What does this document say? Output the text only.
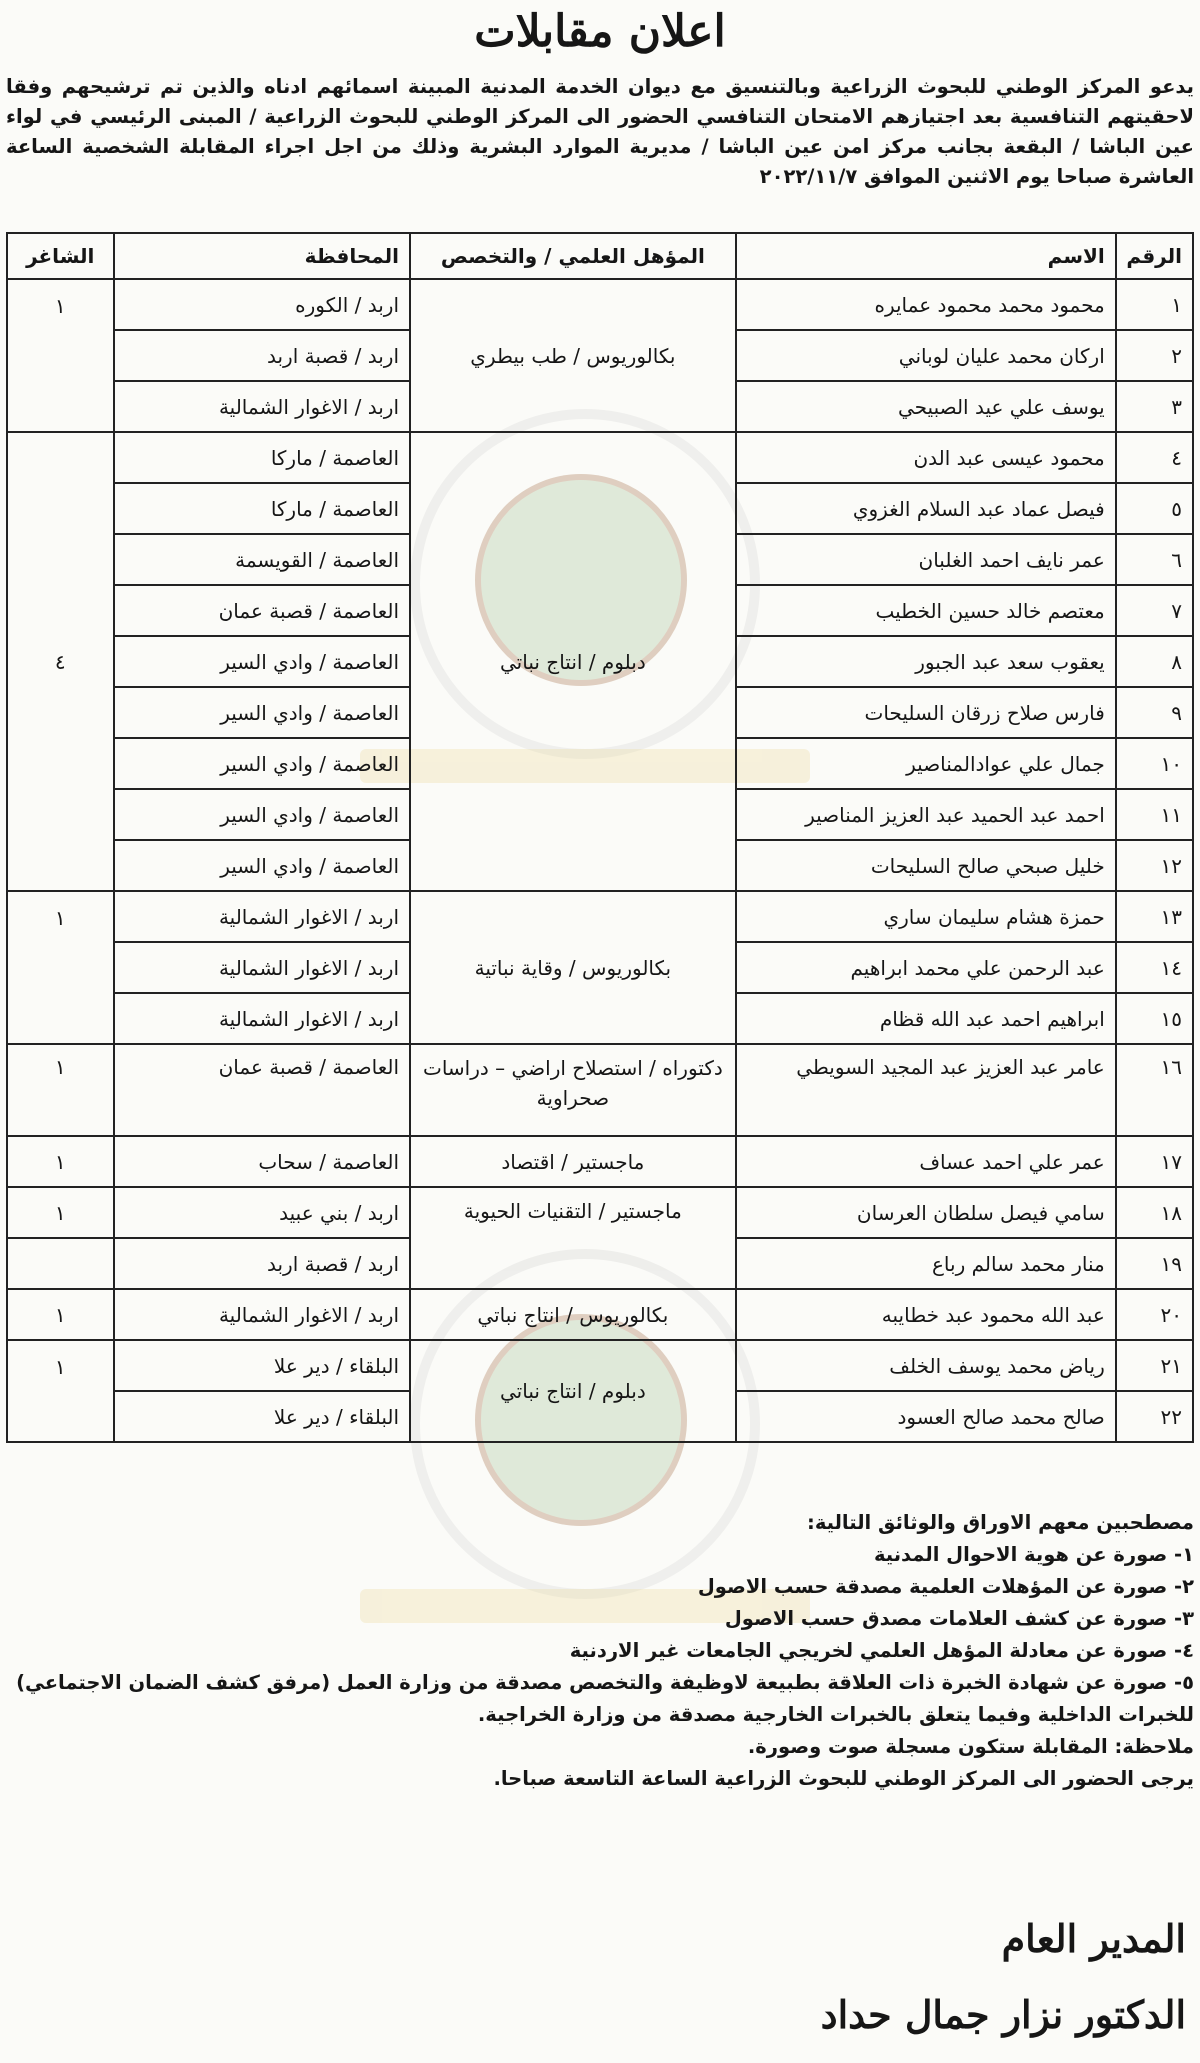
اعلان مقابلات
يدعو المركز الوطني للبحوث الزراعية وبالتنسيق مع ديوان الخدمة المدنية المبينة اسمائهم ادناه والذين تم ترشيحهم وفقا لاحقيتهم التنافسية بعد اجتيازهم الامتحان التنافسي الحضور الى المركز الوطني للبحوث الزراعية / المبنى الرئيسي في لواء عين الباشا / البقعة بجانب مركز امن عين الباشا / مديرية الموارد البشرية وذلك من اجل اجراء المقابلة الشخصية الساعة العاشرة صباحا يوم الاثنين الموافق ٢٠٢٢/١١/٧
الرقم	الاسم	المؤهل العلمي / والتخصص	المحافظة	الشاغر
١	محمود محمد محمود عمايره	بكالوريوس / طب بيطري	اربد / الكوره	١
٢	اركان محمد عليان لوباني		اربد / قصبة اربد	
٣	يوسف علي عيد الصبيحي		اربد / الاغوار الشمالية	
٤	محمود عيسى عبد الدن	دبلوم / انتاج نباتي	العاصمة / ماركا	٤
٥	فيصل عماد عبد السلام الغزوي		العاصمة / ماركا	
٦	عمر نايف احمد الغلبان		العاصمة / القويسمة	
٧	معتصم خالد حسين الخطيب		العاصمة / قصبة عمان	
٨	يعقوب سعد عبد الجبور		العاصمة / وادي السير	
٩	فارس صلاح زرقان السليحات		العاصمة / وادي السير	
١٠	جمال علي عوادالمناصير		العاصمة / وادي السير	
١١	احمد عبد الحميد عبد العزيز المناصير		العاصمة / وادي السير	
١٢	خليل صبحي صالح السليحات		العاصمة / وادي السير	
١٣	حمزة هشام سليمان ساري	بكالوريوس / وقاية نباتية	اربد / الاغوار الشمالية	١
١٤	عبد الرحمن علي محمد ابراهيم		اربد / الاغوار الشمالية	
١٥	ابراهيم احمد عبد الله قظام		اربد / الاغوار الشمالية	
١٦	عامر عبد العزيز عبد المجيد السويطي	دكتوراه / استصلاح اراضي – دراسات صحراوية	العاصمة / قصبة عمان	١
١٧	عمر علي احمد عساف	ماجستير / اقتصاد	العاصمة / سحاب	١
١٨	سامي فيصل سلطان العرسان	ماجستير / التقنيات الحيوية	اربد / بني عبيد	١
١٩	منار محمد سالم رباع		اربد / قصبة اربد	
٢٠	عبد الله محمود عبد خطايبه	بكالوريوس / انتاج نباتي	اربد / الاغوار الشمالية	١
٢١	رياض محمد يوسف الخلف	دبلوم / انتاج نباتي	البلقاء / دير علا	١
٢٢	صالح محمد صالح العسود		البلقاء / دير علا	

مصطحبين معهم الاوراق والوثائق التالية:

١- صورة عن هوية الاحوال المدنية

٢- صورة عن المؤهلات العلمية مصدقة حسب الاصول

٣- صورة عن كشف العلامات مصدق حسب الاصول

٤- صورة عن معادلة المؤهل العلمي لخريجي الجامعات غير الاردنية

٥- صورة عن شهادة الخبرة ذات العلاقة بطبيعة لاوظيفة والتخصص مصدقة من وزارة العمل (مرفق كشف الضمان الاجتماعي) للخبرات الداخلية وفيما يتعلق بالخبرات الخارجية مصدقة من وزارة الخراجية.

ملاحظة: المقابلة ستكون مسجلة صوت وصورة.

يرجى الحضور الى المركز الوطني للبحوث الزراعية الساعة التاسعة صباحا.

المدير العام
الدكتور نزار جمال حداد
